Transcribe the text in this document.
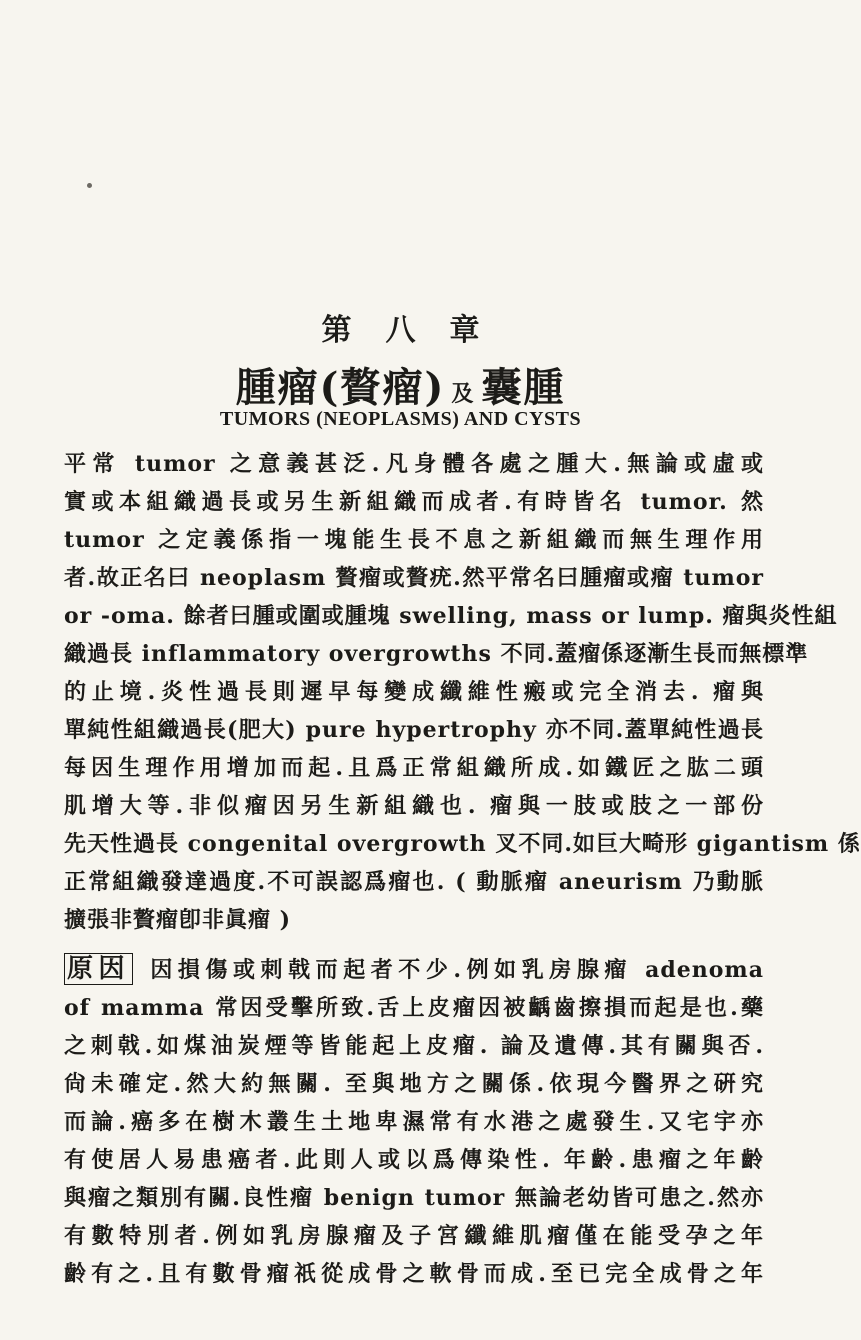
第八章
腫瘤(贅瘤) 及 囊腫
TUMORS (NEOPLASMS) AND CYSTS
平常 tumor 之意義甚泛.凡身體各處之腫大.無論或虛或
實或本組織過長或另生新組織而成者.有時皆名 tumor. 然
tumor 之定義係指一塊能生長不息之新組織而無生理作用
者.故正名曰 neoplasm 贅瘤或贅疣.然平常名曰腫瘤或瘤 tumor
or -oma. 餘者曰腫或圍或腫塊 swelling, mass or lump. 瘤與炎性組
織過長 inflammatory overgrowths 不同.蓋瘤係逐漸生長而無標準
的止境.炎性過長則遲早每變成纖維性瘢或完全消去. 瘤與
單純性組織過長(肥大) pure hypertrophy 亦不同.蓋單純性過長
每因生理作用增加而起.且爲正常組織所成.如鐵匠之肱二頭
肌增大等.非似瘤因另生新組織也. 瘤與一肢或肢之一部份
先天性過長 congenital overgrowth 叉不同.如巨大畸形 gigantism 係
正常組織發達過度.不可誤認爲瘤也. ( 動脈瘤 aneurism 乃動脈
擴張非贅瘤卽非眞瘤 )
原因 因損傷或刺戟而起者不少.例如乳房腺瘤 adenoma
of mamma 常因受擊所致.舌上皮瘤因被齲齒擦損而起是也.藥
之刺戟.如煤油炭煙等皆能起上皮瘤. 論及遺傳.其有關與否.
尙未確定.然大約無關. 至與地方之關係.依現今醫界之硏究
而論.癌多在樹木叢生土地卑濕常有水港之處發生.又宅宇亦
有使居人易患癌者.此則人或以爲傳染性. 年齡.患瘤之年齡
與瘤之類別有關.良性瘤 benign tumor 無論老幼皆可患之.然亦
有數特別者.例如乳房腺瘤及子宮纖維肌瘤僅在能受孕之年
齡有之.且有數骨瘤祇從成骨之軟骨而成.至已完全成骨之年
